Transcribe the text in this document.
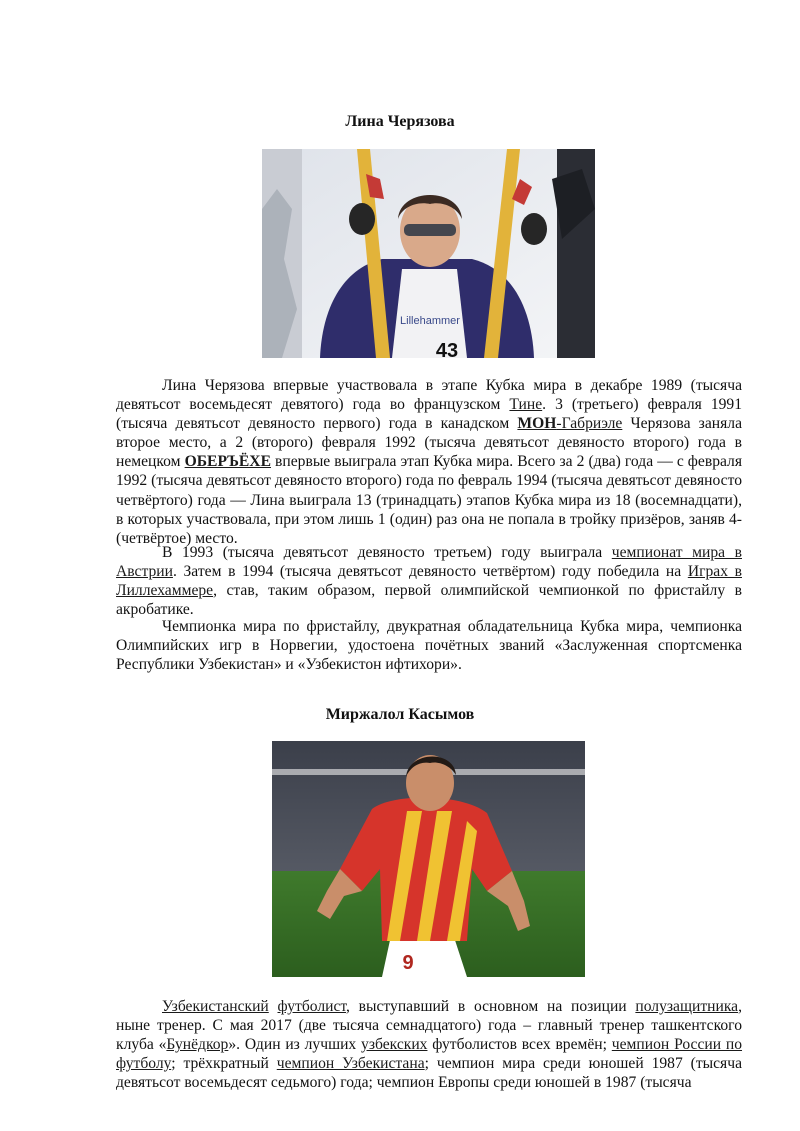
Лина Черязова
Lillehammer
43

Лина Черязова впервые участвовала в этапе Кубка мира в декабре 1989 (тысяча девятьсот восемьдесят девятого) года во французском Тине. 3 (третьего) февраля 1991 (тысяча девятьсот девяносто первого) года в канадском МОН-Габриэле Черязова заняла второе место, а 2 (второго) февраля 1992 (тысяча девятьсот девяносто второго) года в немецком ОБЕРЪЁХЕ впервые выиграла этап Кубка мира. Всего за 2 (два) года — с февраля 1992 (тысяча девятьсот девяносто второго) года по февраль 1994 (тысяча девятьсот девяносто четвёртого) года — Лина выиграла 13 (тринадцать) этапов Кубка мира из 18 (восемнадцати), в которых участвовала, при этом лишь 1 (один) раз она не попала в тройку призёров, заняв 4- (четвёртое) место.

В 1993 (тысяча девятьсот девяносто третьем) году выиграла чемпионат мира в Австрии. Затем в 1994 (тысяча девятьсот девяносто четвёртом) году победила на Играх в Лиллехаммере, став, таким образом, первой олимпийской чемпионкой по фристайлу в акробатике.

Чемпионка мира по фристайлу, двукратная обладательница Кубка мира, чемпионка Олимпийских игр в Норвегии, удостоена почётных званий «Заслуженная спортсменка Республики Узбекистан» и «Узбекистон ифтихори».

Миржалол Касымов
9

Узбекистанский футболист, выступавший в основном на позиции полузащитника, ныне тренер. С мая 2017 (две тысяча семнадцатого) года – главный тренер ташкентского клуба «Бунёдкор». Один из лучших узбекских футболистов всех времён; чемпион России по футболу; трёхкратный чемпион Узбекистана; чемпион мира среди юношей 1987 (тысяча девятьсот восемьдесят седьмого) года; чемпион Европы среди юношей в 1987 (тысяча
